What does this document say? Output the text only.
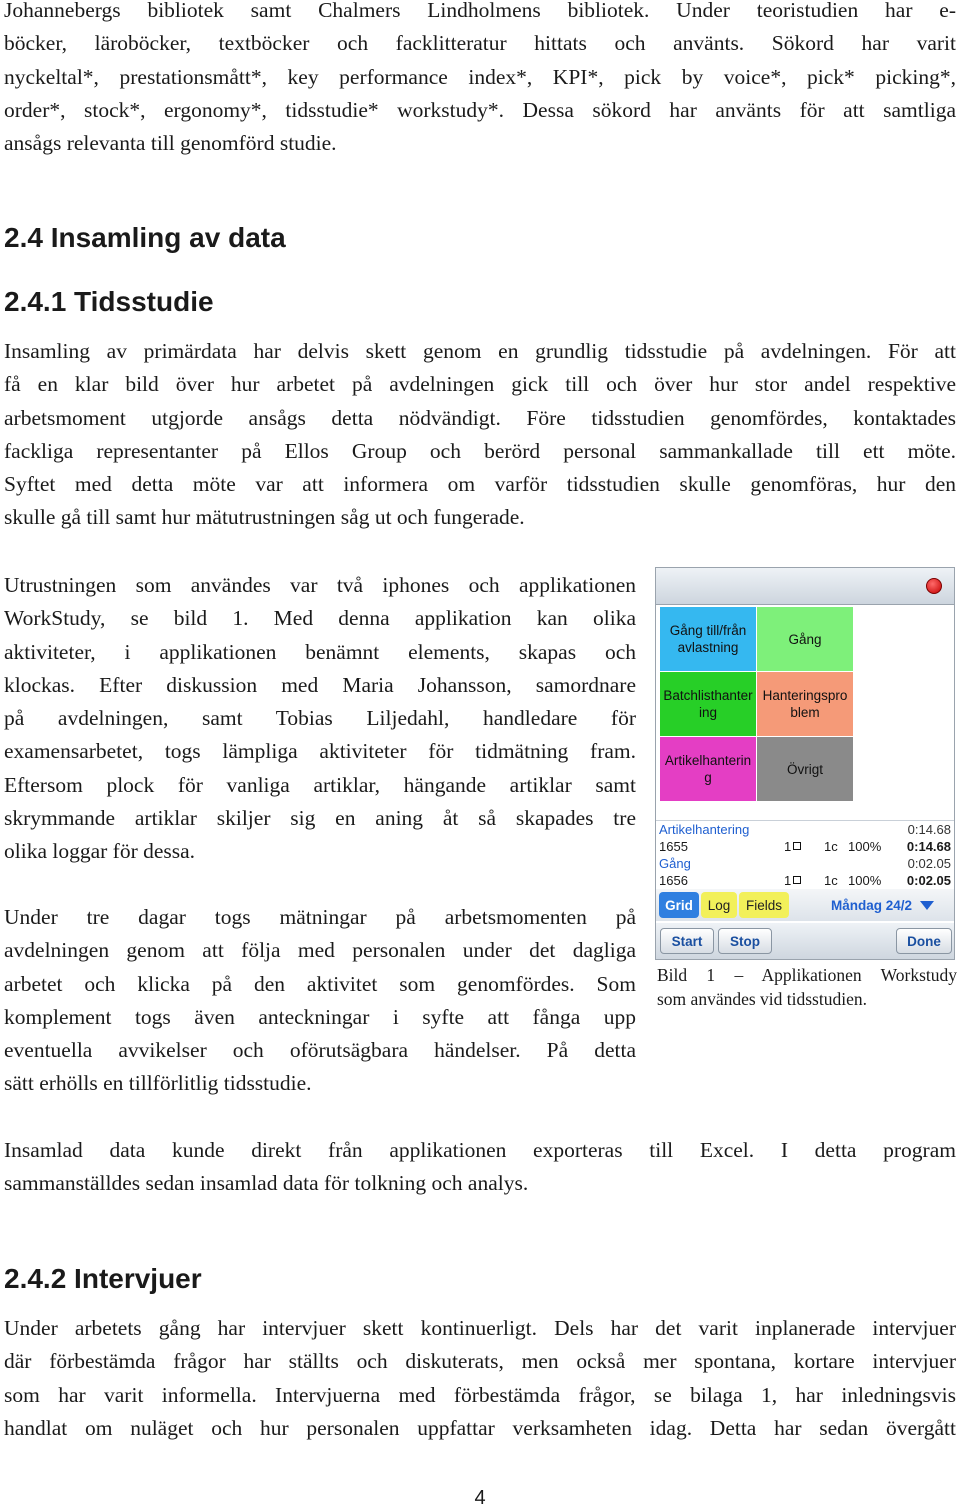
Johannebergs bibliotek samt Chalmers Lindholmens bibliotek. Under teoristudien har e-
böcker, läroböcker, textböcker och facklitteratur hittats och använts. Sökord har varit
nyckeltal*, prestationsmått*, key performance index*, KPI*, pick by voice*, pick* picking*,
order*, stock*, ergonomy*, tidsstudie* workstudy*. Dessa sökord har använts för att samtliga
ansågs relevanta till genomförd studie.
2.4 Insamling av data
2.4.1 Tidsstudie
Insamling av primärdata har delvis skett genom en grundlig tidsstudie på avdelningen. För att
få en klar bild över hur arbetet på avdelningen gick till och över hur stor andel respektive
arbetsmoment utgjorde ansågs detta nödvändigt. Före tidsstudien genomfördes, kontaktades
fackliga representanter på Ellos Group och berörd personal sammankallade till ett möte.
Syftet med detta möte var att informera om varför tidsstudien skulle genomföras, hur den
skulle gå till samt hur mätutrustningen såg ut och fungerade.
Utrustningen som användes var två iphones och applikationen
WorkStudy, se bild 1. Med denna applikation kan olika
aktiviteter, i applikationen benämnt elements, skapas och
klockas. Efter diskussion med Maria Johansson, samordnare
på avdelningen, samt Tobias Liljedahl, handledare för
examensarbetet, togs lämpliga aktiviteter för tidmätning fram.
Eftersom plock för vanliga artiklar, hängande artiklar samt
skrymmande artiklar skiljer sig en aning åt så skapades tre
olika loggar för dessa.
Under tre dagar togs mätningar på arbetsmomenten på
avdelningen genom att följa med personalen under det dagliga
arbetet och klicka på den aktivitet som genomfördes. Som
komplement togs även anteckningar i syfte att fånga upp
eventuella avvikelser och oförutsägbara händelser. På detta
sätt erhölls en tillförlitlig tidsstudie.
Gång till/från avlastning
Gång
Batchlisthantering
Hanteringsproblem
Artikelhantering
Övrigt
Artikelhantering	0:14.68
1655	1	1c 100% 0:14.68
Gång	0:02.05
1656	1	1c 100% 0:02.05
Grid Log Fields	Måndag 24/2
Start Stop	Done
Bild 1 – Applikationen Workstudy
som användes vid tidsstudien.
Insamlad data kunde direkt från applikationen exporteras till Excel. I detta program
sammanställdes sedan insamlad data för tolkning och analys.
2.4.2 Intervjuer
Under arbetets gång har intervjuer skett kontinuerligt. Dels har det varit inplanerade intervjuer
där förbestämda frågor har ställts och diskuterats, men också mer spontana, kortare intervjuer
som har varit informella. Intervjuerna med förbestämda frågor, se bilaga 1, har inledningsvis
handlat om nuläget och hur personalen uppfattar verksamheten idag. Detta har sedan övergått
4
